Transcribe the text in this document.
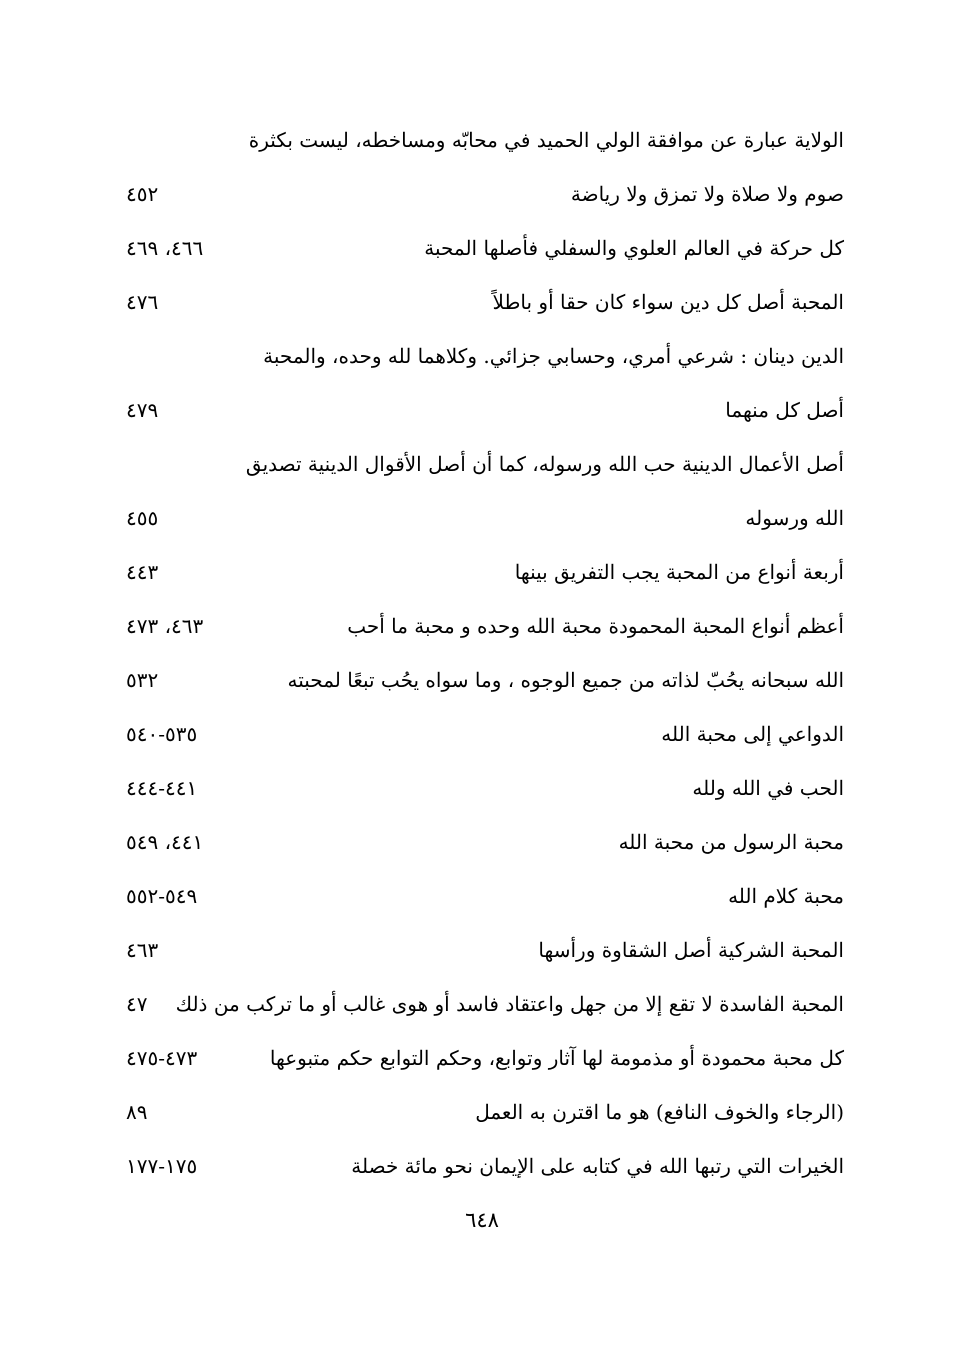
الولاية عبارة عن موافقة الولي الحميد في محابّه ومساخطه، ليست بكثرة
صوم ولا صلاة ولا تمزق ولا رياضة
٤٥٢
كل حركة في العالم العلوي والسفلي فأصلها المحبة
٤٦٦، ٤٦٩
المحبة أصل كل دين سواء كان حقا أو باطلاً
٤٧٦
الدين دينان : شرعي أمري، وحسابي جزائي. وكلاهما لله وحده، والمحبة
أصل كل منهما
٤٧٩
أصل الأعمال الدينية حب الله ورسوله، كما أن أصل الأقوال الدينية تصديق
الله ورسوله
٤٥٥
أربعة أنواع من المحبة يجب التفريق بينها
٤٤٣
أعظم أنواع المحبة المحمودة محبة الله وحده و محبة ما أحب
٤٦٣، ٤٧٣
الله سبحانه يحُبّ لذاته من جميع الوجوه ، وما سواه يحُب تبعًا لمحبته
٥٣٢
الدواعي إلى محبة الله
٥٣٥-٥٤٠
الحب في الله ولله
٤٤١-٤٤٤
محبة الرسول من محبة الله
٤٤١، ٥٤٩
محبة كلام الله
٥٤٩-٥٥٢
المحبة الشركية أصل الشقاوة ورأسها
٤٦٣
المحبة الفاسدة لا تقع إلا من جهل واعتقاد فاسد أو هوى غالب أو ما تركب من ذلك
٤٧
كل محبة محمودة أو مذمومة لها آثار وتوابع، وحكم التوابع حكم متبوعها
٤٧٣-٤٧٥
(الرجاء والخوف النافع) هو ما اقترن به العمل
٨٩
الخيرات التي رتبها الله في كتابه على الإيمان نحو مائة خصلة
١٧٥-١٧٧
٦٤٨
